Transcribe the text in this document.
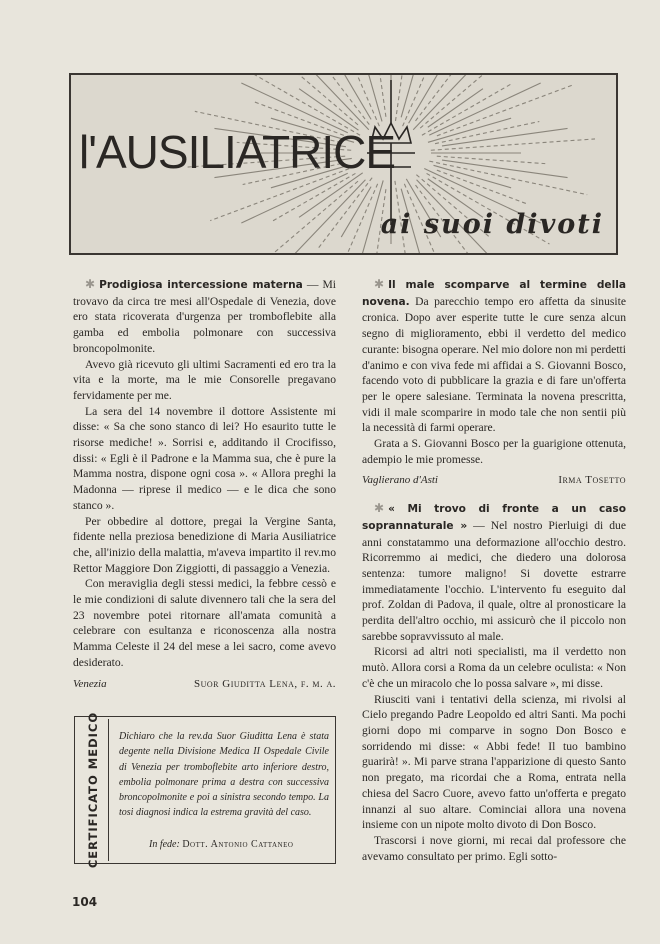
l'AUSILIATRICE
ai suoi divoti

✱ Prodigiosa intercessione materna — Mi trovavo da circa tre mesi all'Ospedale di Venezia, dove ero stata ricoverata d'urgenza per tromboflebite alla gamba ed embolia polmonare con successiva broncopolmonite.

Avevo già ricevuto gli ultimi Sacramenti ed ero tra la vita e la morte, ma le mie Consorelle pregavano fervidamente per me.

La sera del 14 novembre il dottore Assistente mi disse: « Sa che sono stanco di lei? Ho esaurito tutte le risorse mediche! ». Sorrisi e, additando il Crocifisso, dissi: « Egli è il Padrone e la Mamma sua, che è pure la Mamma nostra, dispone ogni cosa ». « Allora preghi la Madonna — riprese il medico — e le dica che sono stanco ».

Per obbedire al dottore, pregai la Vergine Santa, fidente nella preziosa benedizione di Maria Ausiliatrice che, all'inizio della malattia, m'aveva impartito il rev.mo Rettor Maggiore Don Ziggiotti, di passaggio a Venezia.

Con meraviglia degli stessi medici, la febbre cessò e le mie condizioni di salute divennero tali che la sera del 23 novembre potei ritornare all'amata comunità a celebrare con esultanza e riconoscenza alla nostra Mamma Celeste il 24 del mese a lei sacro, come avevo desiderato.

Venezia	Suor Giuditta Lena, f. m. a.
CERTIFICATO MEDICO Dichiaro che la rev.da Suor Giuditta Lena è stata degente nella Divisione Medica II Ospedale Civile di Venezia per tromboflebite arto inferiore destro, embolia polmonare prima a destra con successiva broncopolmonite e poi a sinistra secondo tempo. La tosi diagnosi indica la estrema gravità del caso.
In fede: Dott. Antonio Cattaneo

✱ Il male scomparve al termine della novena. Da parecchio tempo ero affetta da sinusite cronica. Dopo aver esperite tutte le cure senza alcun segno di miglioramento, ebbi il verdetto del medico curante: bisogna operare. Nel mio dolore non mi perdetti d'animo e con viva fede mi affidai a S. Giovanni Bosco, facendo voto di pubblicare la grazia e di fare un'offerta per le opere salesiane. Terminata la novena prescritta, vidi il male scomparire in modo tale che non sentii più la necessità di farmi operare.

Grata a S. Giovanni Bosco per la guarigione ottenuta, adempio le mie promesse.

Vaglierano d'Asti	Irma Tosetto

✱ « Mi trovo di fronte a un caso soprannaturale » — Nel nostro Pierluigi di due anni constatammo una deformazione all'occhio destro. Ricorremmo ai medici, che diedero una dolorosa sentenza: tumore maligno! Si dovette estrarre immediatamente l'occhio. L'intervento fu eseguito dal prof. Zoldan di Padova, il quale, oltre al pronosticare la perdita dell'altro occhio, mi assicurò che il piccolo non sarebbe sopravvissuto al male.

Ricorsi ad altri noti specialisti, ma il verdetto non mutò. Allora corsi a Roma da un celebre oculista: « Non c'è che un miracolo che lo possa salvare », mi disse.

Riusciti vani i tentativi della scienza, mi rivolsi al Cielo pregando Padre Leopoldo ed altri Santi. Ma pochi giorni dopo mi comparve in sogno Don Bosco e sorridendo mi disse: « Abbi fede! Il tuo bambino guarirà! ». Mi parve strana l'apparizione di questo Santo non pregato, ma ricordai che a Roma, entrata nella chiesa del Sacro Cuore, avevo fatto un'offerta e pregato innanzi al suo altare. Cominciai allora una novena insieme con un nipote molto divoto di Don Bosco.

Trascorsi i nove giorni, mi recai dal professore che avevamo consultato per primo. Egli sotto-

104
